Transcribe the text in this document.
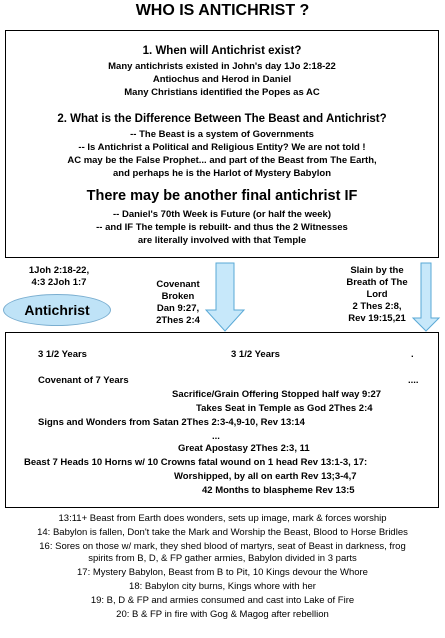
WHO IS ANTICHRIST ?
1. When will Antichrist exist?
Many antichrists existed in John's day 1Jo 2:18-22
Antiochus and Herod in Daniel
Many Christians identified the Popes as AC
2. What is the Difference Between The Beast and Antichrist?
-- The Beast is a system of Governments
-- Is Antichrist a Political and Religious Entity? We are not told !
AC may be the False Prophet... and part of the Beast from The Earth,
and perhaps he is the Harlot of Mystery Babylon
There may be another final antichrist IF
-- Daniel's 70th Week is Future (or half the week)
-- and IF The temple is rebuilt- and thus the 2 Witnesses
are literally involved with that Temple
1Joh 2:18-22,
4:3 2Joh 1:7	Covenant
Broken
Dan 9:27,
2Thes 2:4
Slain by the
Breath of The
Lord
2 Thes 2:8,
Rev 19:15,21
Antichrist
3 1/2 Years	3 1/2 Years	.
Covenant of 7 Years	....
Sacrifice/Grain Offering Stopped half way 9:27
Takes Seat in Temple as God 2Thes 2:4
Signs and Wonders from Satan 2Thes 2:3-4,9-10, Rev 13:14
...
Great Apostasy 2Thes 2:3, 11
Beast 7 Heads 10 Horns w/ 10 Crowns fatal wound on 1 head Rev 13:1-3, 17:
Worshipped, by all on earth Rev 13;3-4,7
42 Months to blaspheme Rev 13:5
13:11+ Beast from Earth does wonders, sets up image, mark & forces worship
14: Babylon is fallen, Don't take the Mark and Worship the Beast, Blood to Horse Bridles
16: Sores on those w/ mark, they shed blood of martyrs, seat of Beast in darkness, frog
spirits from B, D, & FP gather armies, Babylon divided in 3 parts
17: Mystery Babylon, Beast from B to Pit, 10 Kings devour the Whore
18: Babylon city burns, Kings whore with her
19: B, D & FP and armies consumed and cast into Lake of Fire
20: B & FP in fire with Gog & Magog after rebellion
